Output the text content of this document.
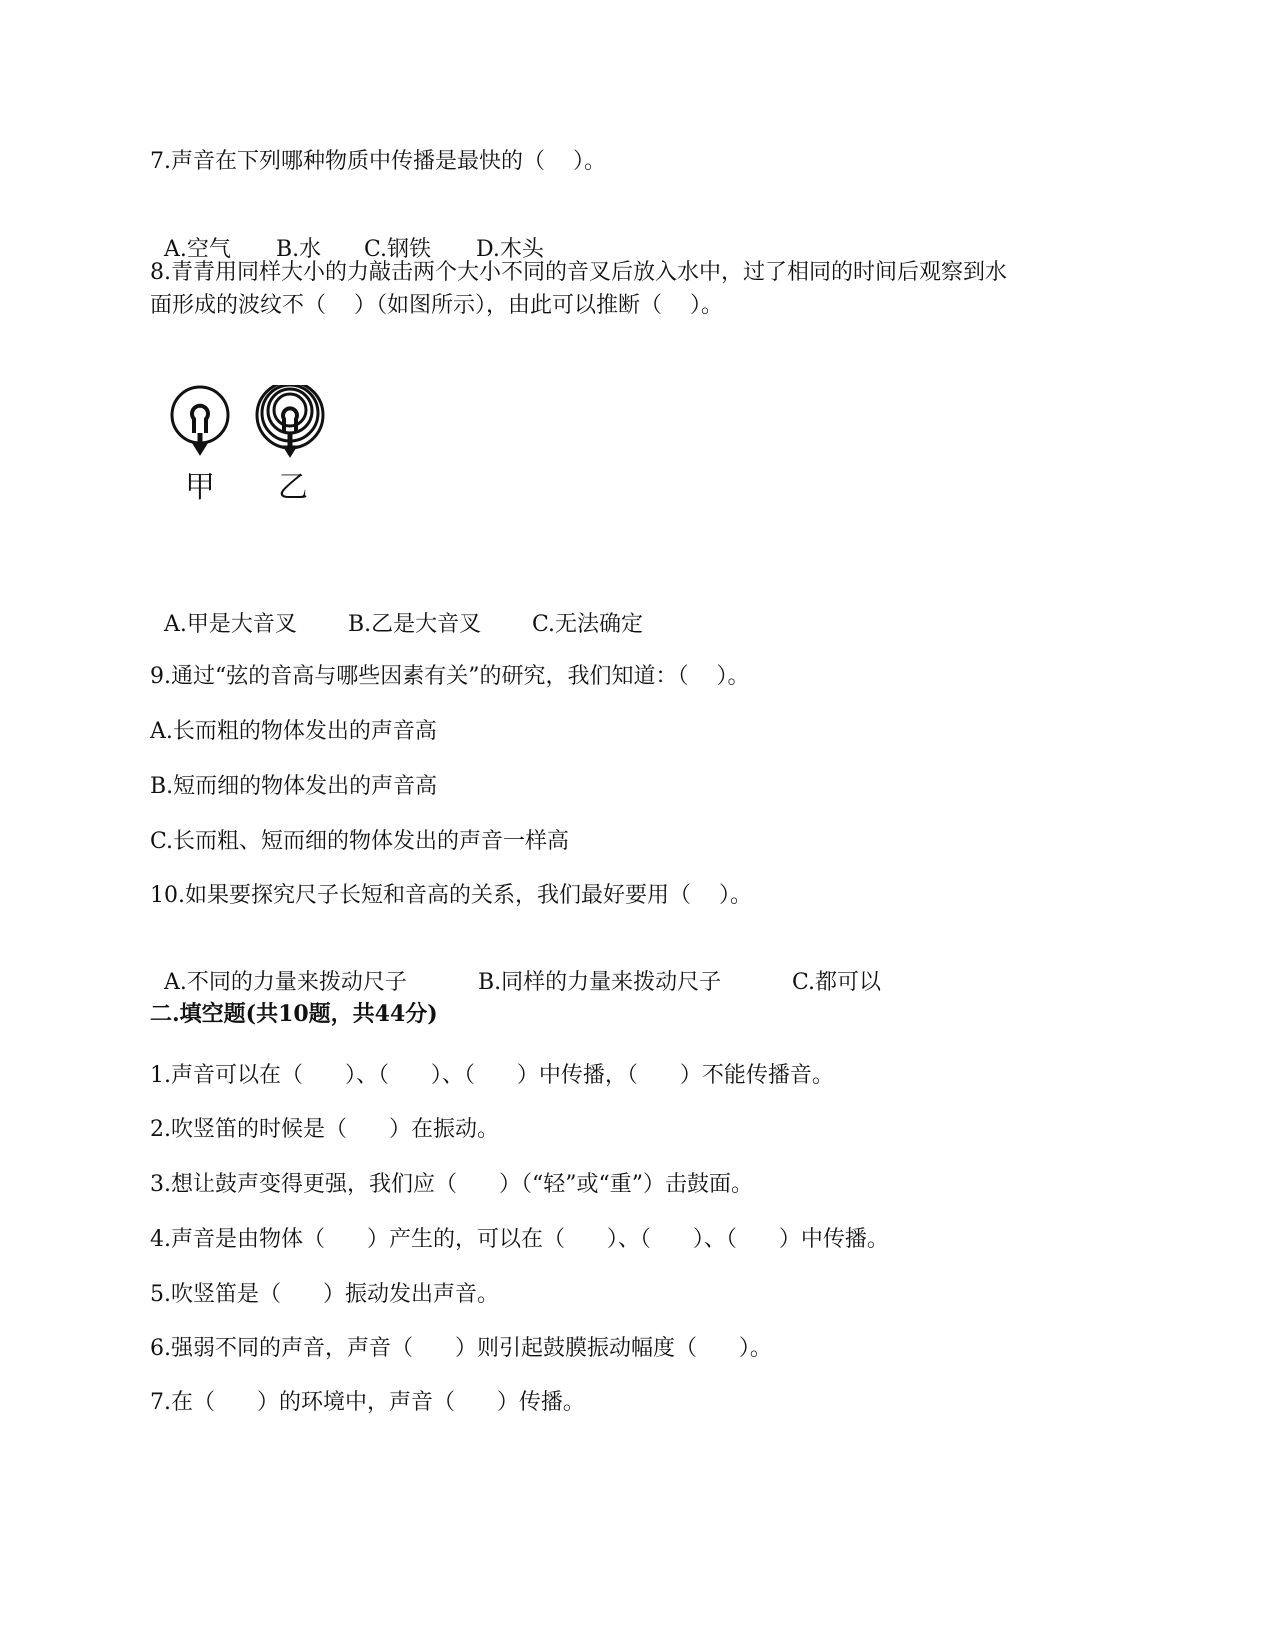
7.声音在下列哪种物质中传播是最快的（    ）。

A.空气 B.水 C.钢铁 D.木头

8.青青用同样大小的力敲击两个大小不同的音叉后放入水中，过了相同的时间后观察到水
面形成的波纹不（    ）（如图所示），由此可以推断（    ）。
甲 乙

A.甲是大音叉 B.乙是大音叉 C.无法确定

9.通过“弦的音高与哪些因素有关”的研究，我们知道：（    ）。
A.长而粗的物体发出的声音高
B.短而细的物体发出的声音高
C.长而粗、短而细的物体发出的声音一样高
10.如果要探究尺子长短和音高的关系，我们最好要用（    ）。

A.不同的力量来拨动尺子	B.同样的力量来拨动尺子	C.都可以

二.填空题(共10题，共44分)
1.声音可以在（      ）、（      ）、（      ）中传播，（      ）不能传播音。
2.吹竖笛的时候是（      ）在振动。
3.想让鼓声变得更强，我们应（      ）（“轻”或“重”）击鼓面。
4.声音是由物体（      ）产生的，可以在（      ）、（      ）、（      ）中传播。
5.吹竖笛是（      ）振动发出声音。
6.强弱不同的声音，声音（      ）则引起鼓膜振动幅度（      ）。
7.在（      ）的环境中，声音（      ）传播。
